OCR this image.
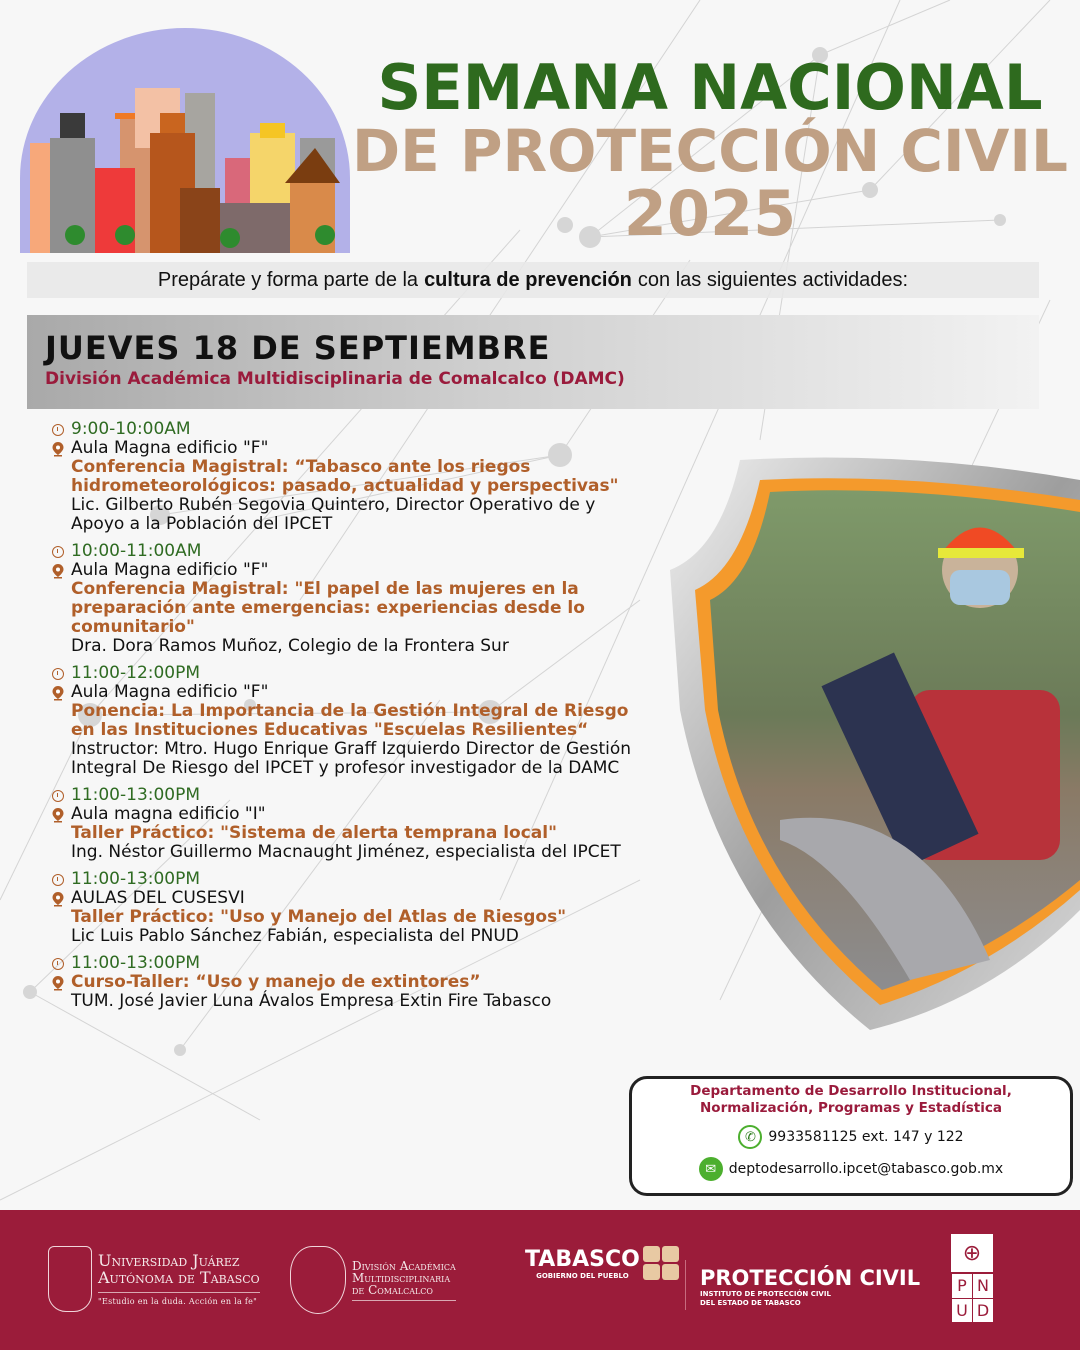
SEMANA NACIONAL
DE PROTECCIÓN CIVIL
2025
Prepárate y forma parte de la cultura de prevención con las siguientes actividades:
JUEVES 18 DE SEPTIEMBRE
División Académica Multidisciplinaria de Comalcalco (DAMC)
9:00-10:00AM
Aula Magna edificio "F"
Conferencia Magistral: “Tabasco ante los riegos hidrometeorológicos: pasado, actualidad y perspectivas"
Lic. Gilberto Rubén Segovia Quintero, Director Operativo de y Apoyo a la Población del IPCET
10:00-11:00AM
Aula Magna edificio "F"
Conferencia Magistral: "El papel de las mujeres en la preparación ante emergencias: experiencias desde lo comunitario"
Dra. Dora Ramos Muñoz, Colegio de la Frontera Sur
11:00-12:00PM
Aula Magna edificio "F"
Ponencia: La Importancia de la Gestión Integral de Riesgo en las Instituciones Educativas "Escuelas Resilientes“
Instructor: Mtro. Hugo Enrique Graff Izquierdo Director de Gestión Integral De Riesgo del IPCET y profesor investigador de la DAMC
11:00-13:00PM
Aula magna edificio "I"
Taller Práctico: "Sistema de alerta temprana local"
Ing. Néstor Guillermo Macnaught Jiménez, especialista del IPCET
11:00-13:00PM
AULAS DEL CUSESVI
Taller Práctico: "Uso y Manejo del Atlas de Riesgos"
Lic Luis Pablo Sánchez Fabián, especialista del PNUD
11:00-13:00PM
Curso-Taller: “Uso y manejo de extintores”
TUM. José Javier Luna Ávalos Empresa Extin Fire Tabasco
Departamento de Desarrollo Institucional, Normalización, Programas y Estadística
✆ 9933581125 ext. 147 y 122
✉ deptodesarrollo.ipcet@tabasco.gob.mx
Universidad Juárez
Autónoma de Tabasco
"Estudio en la duda. Acción en la fe"
División Académica
Multidisciplinaria
de Comalcalco
TABASCO
GOBIERNO DEL PUEBLO	PROTECCIÓN CIVIL
INSTITUTO DE PROTECCIÓN CIVIL
DEL ESTADO DE TABASCO
⊕
P N
U D
